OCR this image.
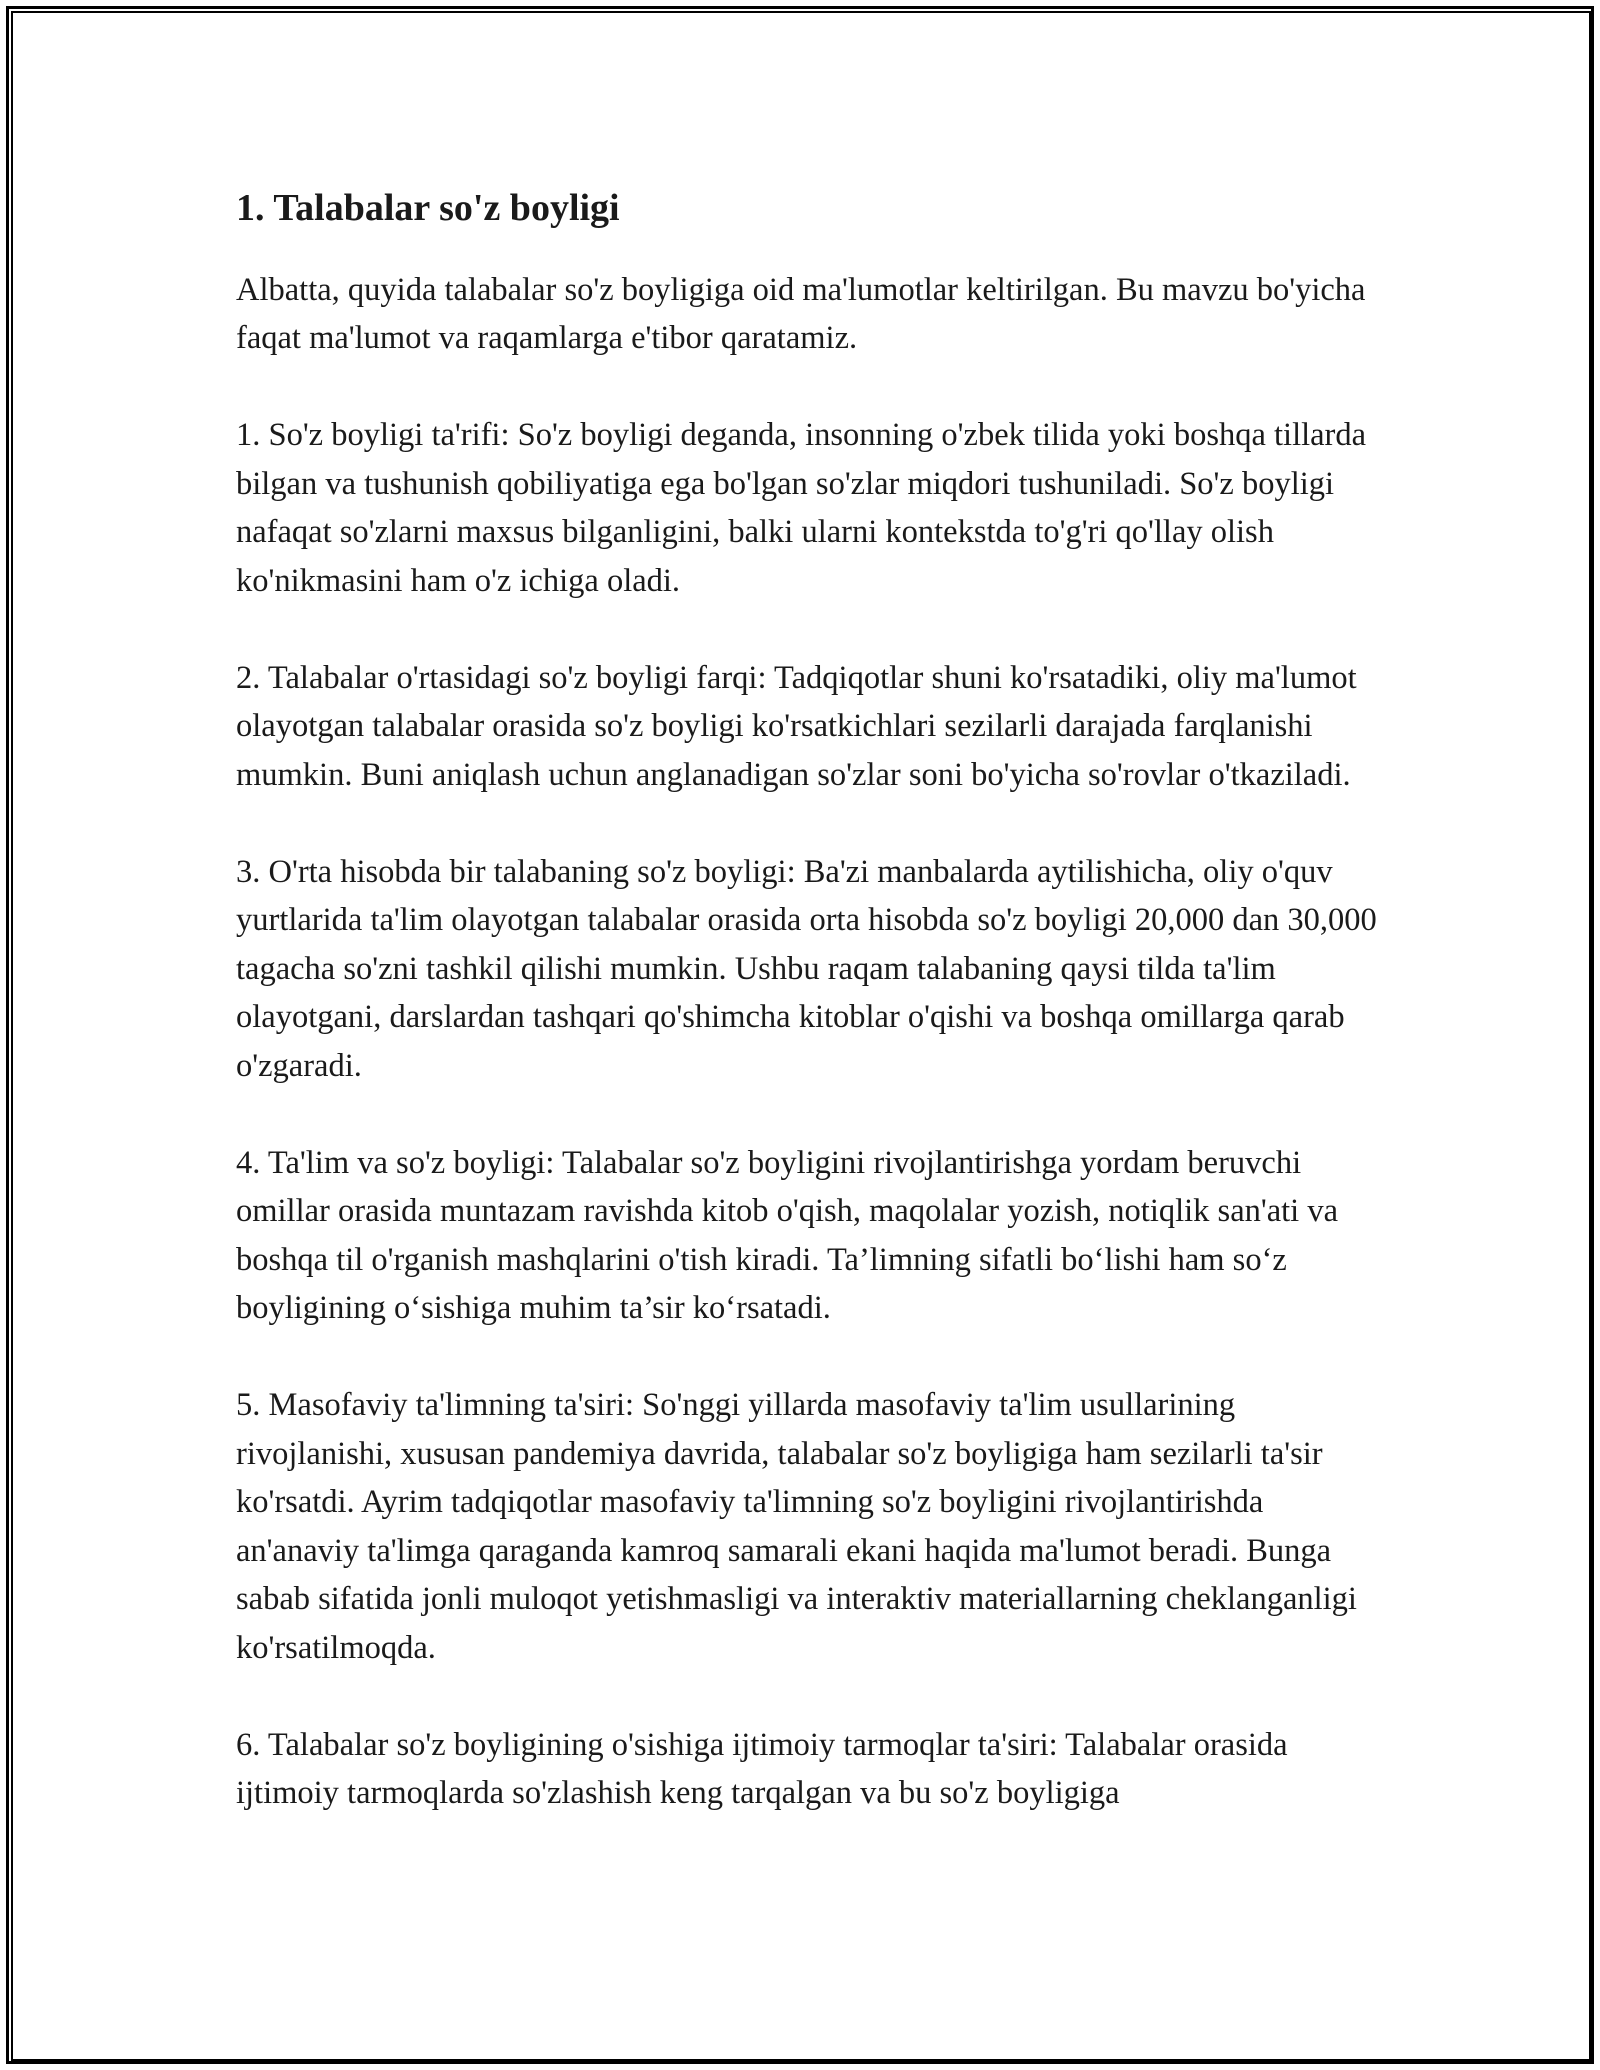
1. Talabalar so'z boyligi

Albatta, quyida talabalar so'z boyligiga oid ma'lumotlar keltirilgan. Bu mavzu bo'yicha faqat ma'lumot va raqamlarga e'tibor qaratamiz.

1. So'z boyligi ta'rifi: So'z boyligi deganda, insonning o'zbek tilida yoki boshqa tillarda bilgan va tushunish qobiliyatiga ega bo'lgan so'zlar miqdori tushuniladi. So'z boyligi nafaqat so'zlarni maxsus bilganligini, balki ularni kontekstda to'g'ri qo'llay olish ko'nikmasini ham o'z ichiga oladi.

2. Talabalar o'rtasidagi so'z boyligi farqi: Tadqiqotlar shuni ko'rsatadiki, oliy ma'lumot olayotgan talabalar orasida so'z boyligi ko'rsatkichlari sezilarli darajada farqlanishi mumkin. Buni aniqlash uchun anglanadigan so'zlar soni bo'yicha so'rovlar o'tkaziladi.

3. O'rta hisobda bir talabaning so'z boyligi: Ba'zi manbalarda aytilishicha, oliy o'quv yurtlarida ta'lim olayotgan talabalar orasida orta hisobda so'z boyligi 20,000 dan 30,000 tagacha so'zni tashkil qilishi mumkin. Ushbu raqam talabaning qaysi tilda ta'lim olayotgani, darslardan tashqari qo'shimcha kitoblar o'qishi va boshqa omillarga qarab o'zgaradi.

4. Ta'lim va so'z boyligi: Talabalar so'z boyligini rivojlantirishga yordam beruvchi omillar orasida muntazam ravishda kitob o'qish, maqolalar yozish, notiqlik san'ati va boshqa til o'rganish mashqlarini o'tish kiradi. Ta’limning sifatli bo‘lishi ham so‘z boyligining o‘sishiga muhim ta’sir ko‘rsatadi.

5. Masofaviy ta'limning ta'siri: So'nggi yillarda masofaviy ta'lim usullarining rivojlanishi, xususan pandemiya davrida, talabalar so'z boyligiga ham sezilarli ta'sir ko'rsatdi. Ayrim tadqiqotlar masofaviy ta'limning so'z boyligini rivojlantirishda an'anaviy ta'limga qaraganda kamroq samarali ekani haqida ma'lumot beradi. Bunga sabab sifatida jonli muloqot yetishmasligi va interaktiv materiallarning cheklanganligi ko'rsatilmoqda.

6. Talabalar so'z boyligining o'sishiga ijtimoiy tarmoqlar ta'siri: Talabalar orasida ijtimoiy tarmoqlarda so'zlashish keng tarqalgan va bu so'z boyligiga
